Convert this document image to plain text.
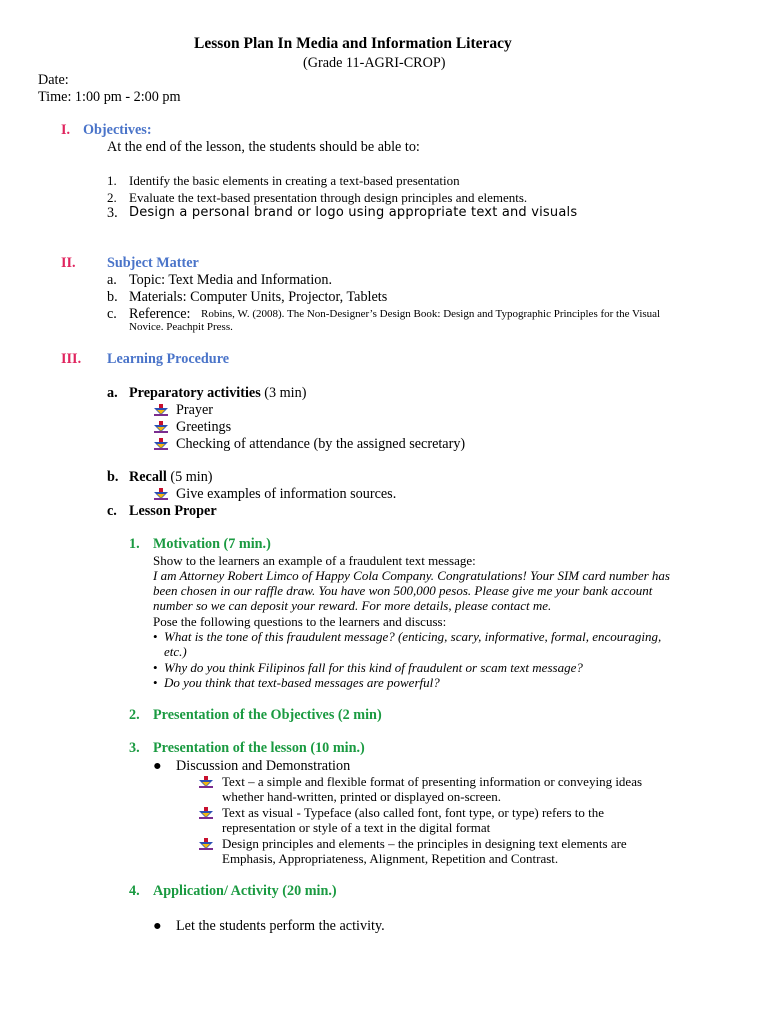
Lesson Plan In Media and Information Literacy
(Grade 11-AGRI-CROP)
Date:
Time: 1:00 pm - 2:00 pm
I. Objectives:
At the end of the lesson, the students should be able to:
1. Identify the basic elements in creating a text-based presentation
2. Evaluate the text-based presentation through design principles and elements.
3. Design a personal brand or logo using appropriate text and visuals
II. Subject Matter
a. Topic: Text Media and Information.
b. Materials: Computer Units, Projector, Tablets
c. Reference: Robins, W. (2008). The Non-Designer’s Design Book: Design and Typographic Principles for the Visual
Novice. Peachpit Press.
III. Learning Procedure
a. Preparatory activities (3 min)
Prayer
Greetings
Checking of attendance (by the assigned secretary)
b. Recall (5 min)
Give examples of information sources.
c. Lesson Proper
1. Motivation (7 min.)
Show to the learners an example of a fraudulent text message:
I am Attorney Robert Limco of Happy Cola Company. Congratulations! Your SIM card number has
been chosen in our raffle draw. You have won 500,000 pesos. Please give me your bank account
number so we can deposit your reward. For more details, please contact me.
Pose the following questions to the learners and discuss:
• What is the tone of this fraudulent message? (enticing, scary, informative, formal, encouraging,
etc.)
• Why do you think Filipinos fall for this kind of fraudulent or scam text message?
• Do you think that text-based messages are powerful?
2. Presentation of the Objectives (2 min)
3. Presentation of the lesson (10 min.)
● Discussion and Demonstration
Text – a simple and flexible format of presenting information or conveying ideas
whether hand-written, printed or displayed on-screen.
Text as visual - Typeface (also called font, font type, or type) refers to the
representation or style of a text in the digital format
Design principles and elements – the principles in designing text elements are
Emphasis, Appropriateness, Alignment, Repetition and Contrast.
4. Application/ Activity (20 min.)
● Let the students perform the activity.
